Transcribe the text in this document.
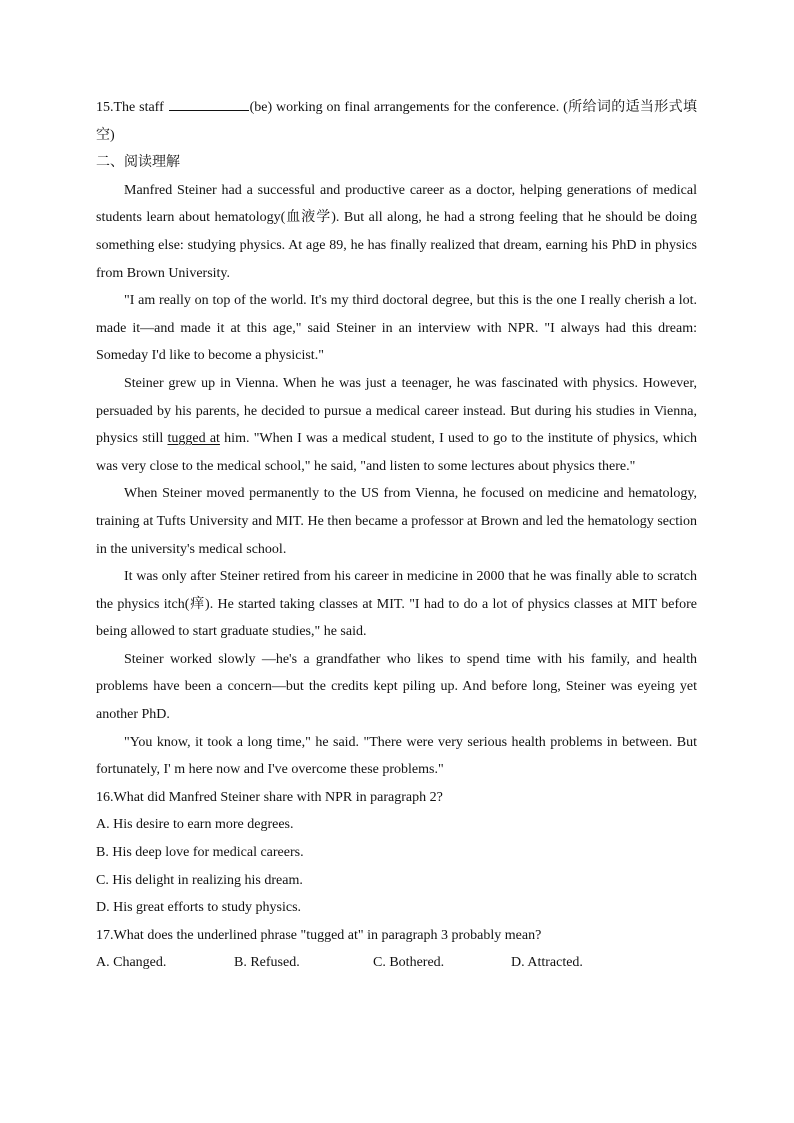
15.The staff	(be) working on final arrangements for the conference. (所给词的适当形式填空)

二、阅读理解

Manfred Steiner had a successful and productive career as a doctor, helping generations of medical students learn about hematology(血液学). But all along, he had a strong feeling that he should be doing something else: studying physics. At age 89, he has finally realized that dream, earning his PhD in physics from Brown University.

"I am really on top of the world. It's my third doctoral degree, but this is the one I really cherish a lot. made it—and made it at this age," said Steiner in an interview with NPR. "I always had this dream: Someday I'd like to become a physicist."

Steiner grew up in Vienna. When he was just a teenager, he was fascinated with physics. However, persuaded by his parents, he decided to pursue a medical career instead. But during his studies in Vienna, physics still tugged at him. "When I was a medical student, I used to go to the institute of physics, which was very close to the medical school," he said, "and listen to some lectures about physics there."

When Steiner moved permanently to the US from Vienna, he focused on medicine and hematology, training at Tufts University and MIT. He then became a professor at Brown and led the hematology section in the university's medical school.

It was only after Steiner retired from his career in medicine in 2000 that he was finally able to scratch the physics itch(痒). He started taking classes at MIT. "I had to do a lot of physics classes at MIT before being allowed to start graduate studies," he said.

Steiner worked slowly —he's a grandfather who likes to spend time with his family, and health problems have been a concern—but the credits kept piling up. And before long, Steiner was eyeing yet another PhD.

"You know, it took a long time," he said. "There were very serious health problems in between. But fortunately, I' m here now and I've overcome these problems."

16.What did Manfred Steiner share with NPR in paragraph 2?

A. His desire to earn more degrees.

B. His deep love for medical careers.

C. His delight in realizing his dream.

D. His great efforts to study physics.

17.What does the underlined phrase "tugged at" in paragraph 3 probably mean?

A. Changed.	B. Refused.	C. Bothered.	D. Attracted.
